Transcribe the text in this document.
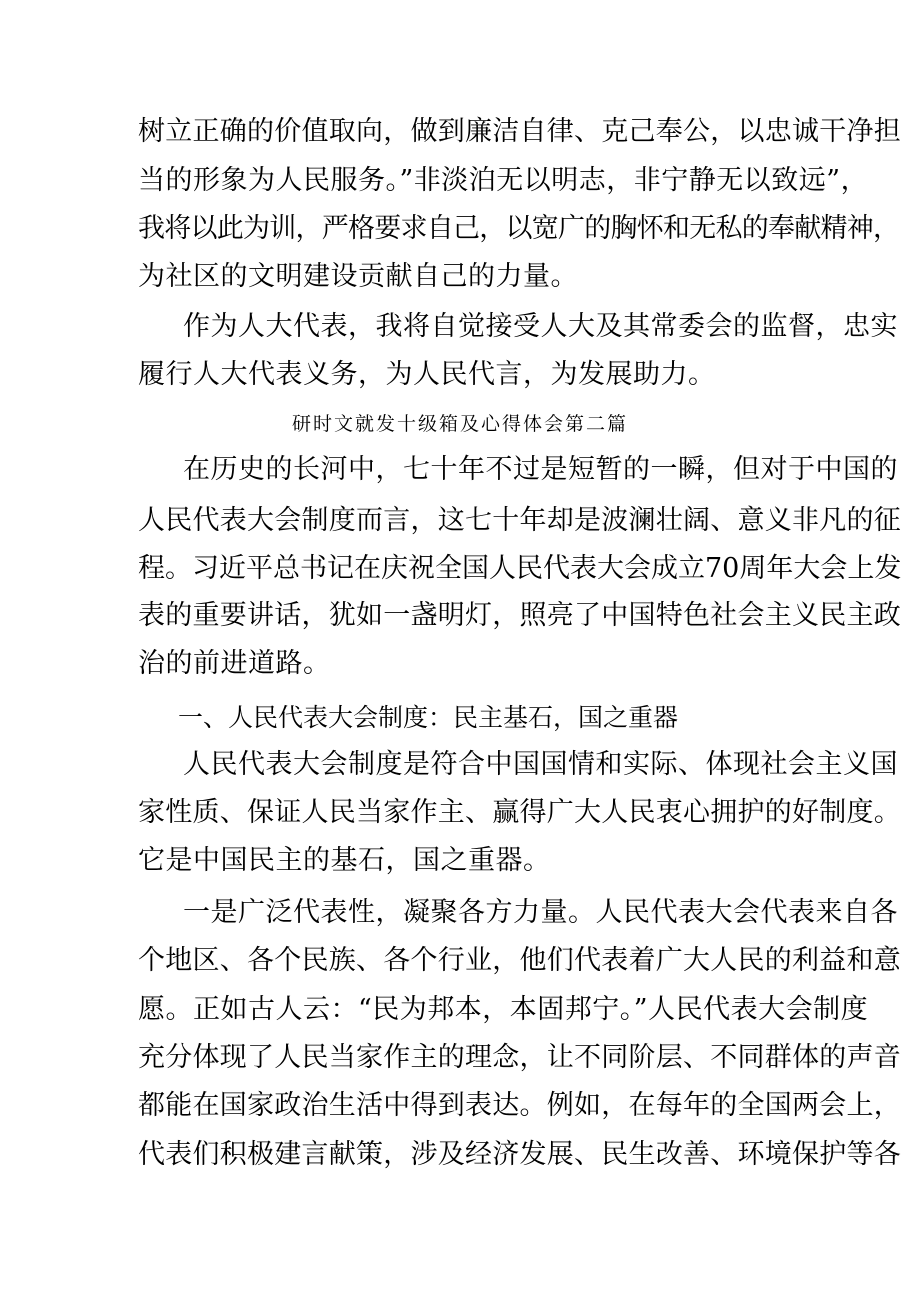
树立正确的价值取向，做到廉洁自律、克己奉公，以忠诚干净担
当的形象为人民服务。”非淡泊无以明志，非宁静无以致远”，
我将以此为训，严格要求自己，以宽广的胸怀和无私的奉献精神，
为社区的文明建设贡献自己的力量。
作为人大代表，我将自觉接受人大及其常委会的监督，忠实
履行人大代表义务，为人民代言，为发展助力。
研时文就发十级箱及心得体会第二篇
在历史的长河中，七十年不过是短暂的一瞬，但对于中国的
人民代表大会制度而言，这七十年却是波澜壮阔、意义非凡的征
程。习近平总书记在庆祝全国人民代表大会成立70周年大会上发
表的重要讲话，犹如一盏明灯，照亮了中国特色社会主义民主政
治的前进道路。
一、人民代表大会制度：民主基石，国之重器
人民代表大会制度是符合中国国情和实际、体现社会主义国
家性质、保证人民当家作主、赢得广大人民衷心拥护的好制度。
它是中国民主的基石，国之重器。
一是广泛代表性，凝聚各方力量。人民代表大会代表来自各
个地区、各个民族、各个行业，他们代表着广大人民的利益和意
愿。正如古人云：“民为邦本，本固邦宁。”人民代表大会制度
充分体现了人民当家作主的理念，让不同阶层、不同群体的声音
都能在国家政治生活中得到表达。例如，在每年的全国两会上，
代表们积极建言献策，涉及经济发展、民生改善、环境保护等各
